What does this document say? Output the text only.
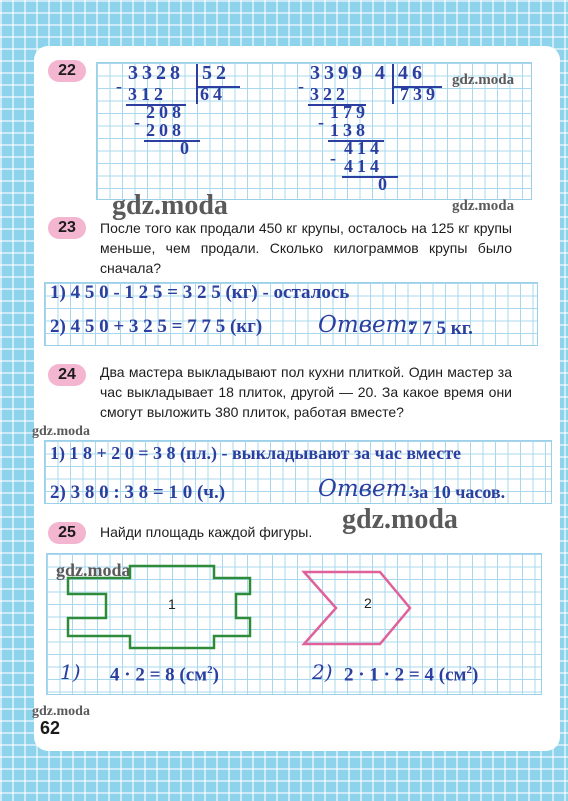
22
-
3328 52
312 64
- 208
208
0
-
3399 4 46
322	739
- 179
138
- 414
414
0
gdz.moda
gdz.moda	gdz.moda
23	После того как продали 450 кг крупы, осталось на 125 кг крупы меньше, чем продали. Сколько килограммов крупы было сначала?
1) 4 5 0 - 1 2 5 = 3 2 5 (кг) - осталось
2) 4 5 0 + 3 2 5 = 7 7 5 (кг) Ответ:
7 7 5 кг.
24	Два мастера выкладывают пол кухни плиткой. Один мастер за час выкладывает 18 плиток, другой — 20. За какое время они смогут выложить 380 плиток, работая вместе?
gdz.moda
1) 1 8 + 2 0 = 3 8 (пл.) - выкладывают за час вместе
2) 3 8 0 : 3 8 = 1 0 (ч.)	Ответ:
за 10 часов.
25	Найди площадь каждой фигуры.	gdz.moda
gdz.moda
1	2
1) 4 · 2 = 8 $(см^2)$	2) 2 · 1 · 2 = 4 $(см^2)$
gdz.moda
62
